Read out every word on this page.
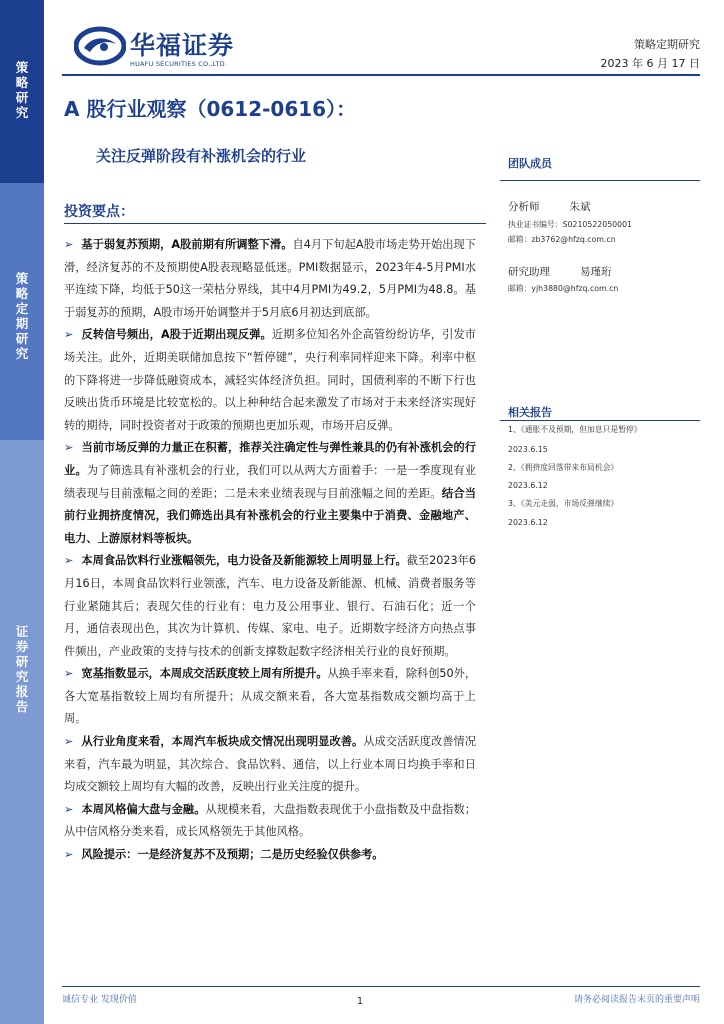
策略研究
策略定期研究
证券研究报告
华福证券
HUAFU SECURITIES CO.,LTD.
策略定期研究
2023 年 6 月 17 日
A 股行业观察（0612-0616）：
关注反弹阶段有补涨机会的行业	团队成员
投资要点：

➢ 基于弱复苏预期，A股前期有所调整下滑。自4月下旬起A股市场走势开始出现下滑，经济复苏的不及预期使A股表现略显低迷。PMI数据显示，2023年4-5月PMI水平连续下降，均低于50这一荣枯分界线，其中4月PMI为49.2，5月PMI为48.8。基于弱复苏的预期，A股市场开始调整并于5月底6月初达到底部。

➢ 反转信号频出，A股于近期出现反弹。近期多位知名外企高管纷纷访华，引发市场关注。此外，近期美联储加息按下“暂停键”，央行利率同样迎来下降。利率中枢的下降将进一步降低融资成本，减轻实体经济负担。同时，国债利率的不断下行也反映出货币环境是比较宽松的。以上种种结合起来激发了市场对于未来经济实现好转的期待，同时投资者对于政策的预期也更加乐观，市场开启反弹。

➢ 当前市场反弹的力量正在积蓄，推荐关注确定性与弹性兼具的仍有补涨机会的行业。为了筛选具有补涨机会的行业，我们可以从两大方面着手：一是一季度现有业绩表现与目前涨幅之间的差距；二是未来业绩表现与目前涨幅之间的差距。结合当前行业拥挤度情况，我们筛选出具有补涨机会的行业主要集中于消费、金融地产、电力、上游原材料等板块。

➢ 本周食品饮料行业涨幅领先，电力设备及新能源较上周明显上行。截至2023年6月16日，本周食品饮料行业领涨，汽车、电力设备及新能源、机械、消费者服务等行业紧随其后；表现欠佳的行业有：电力及公用事业、银行、石油石化；近一个月，通信表现出色，其次为计算机、传媒、家电、电子。近期数字经济方向热点事件频出，产业政策的支持与技术的创新支撑数起数字经济相关行业的良好预期。

➢ 宽基指数显示，本周成交活跃度较上周有所提升。从换手率来看，除科创50外，各大宽基指数较上周均有所提升；从成交额来看，各大宽基指数成交额均高于上周。

➢ 从行业角度来看，本周汽车板块成交情况出现明显改善。从成交活跃度改善情况来看，汽车最为明显，其次综合、食品饮料、通信，以上行业本周日均换手率和日均成交额较上周均有大幅的改善，反映出行业关注度的提升。

➢ 本周风格偏大盘与金融。从规模来看，大盘指数表现优于小盘指数及中盘指数；从中信风格分类来看，成长风格领先于其他风格。

➢ 风险提示：一是经济复苏不及预期；二是历史经验仅供参考。

分析师	朱斌
执业证书编号：S0210522050001
邮箱：zb3762@hfzq.com.cn
研究助理	易瑾珩
邮箱：yjh3880@hfzq.com.cn
相关报告
1、《通胀不及预期，但加息只是暂停》
2023.6.15
2、《拥挤度回落带来布局机会》
2023.6.12
3、《美元走弱，市场反弹继续》
2023.6.12
诚信专业 发现价值	1	请务必阅读报告末页的重要声明
